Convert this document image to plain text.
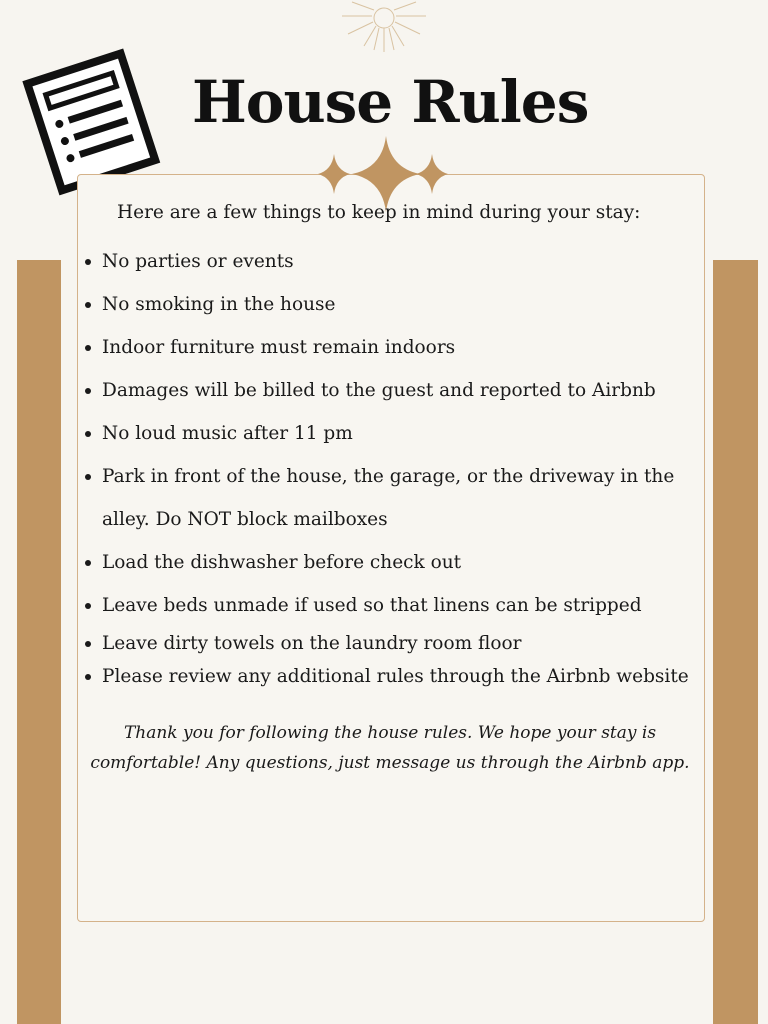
House Rules
Here are a few things to keep in mind during your stay:
No parties or events
No smoking in the house
Indoor furniture must remain indoors
Damages will be billed to the guest and reported to Airbnb
No loud music after 11 pm
Park in front of the house, the garage, or the driveway in the alley. Do NOT block mailboxes
Load the dishwasher before check out
Leave beds unmade if used so that linens can be stripped
Leave dirty towels on the laundry room floor
Please review any additional rules through the Airbnb website
Thank you for following the house rules. We hope your stay is comfortable! Any questions, just message us through the Airbnb app.
